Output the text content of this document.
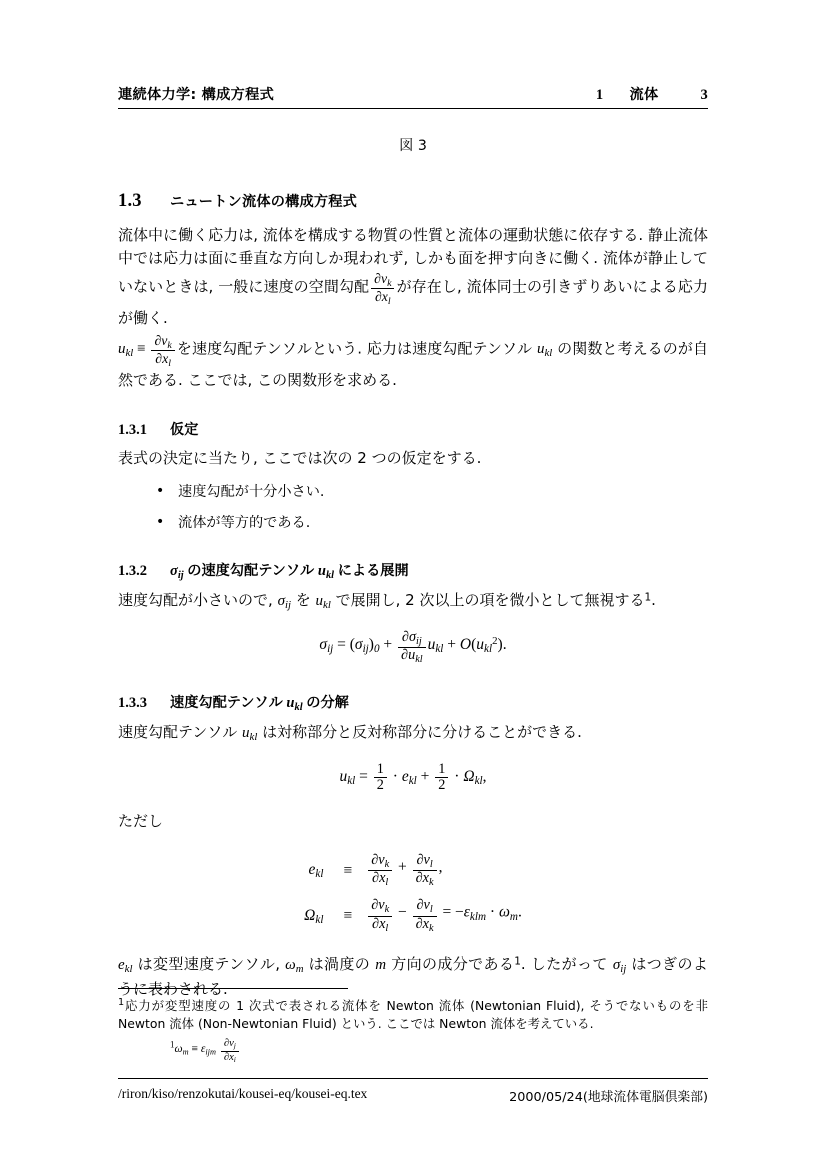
連続体力学: 構成方程式	1 流体	3
図 3
1.3 ニュートン流体の構成方程式

流体中に働く応力は, 流体を構成する物質の性質と流体の運動状態に依存する. 静止流体中では応力は面に垂直な方向しか現われず, しかも面を押す向きに働く. 流体が静止していないときは, 一般に速度の空間勾配 $\frac{\partial v_k}{\partial x_l}$ が存在し, 流体同士の引きずりあいによる応力が働く.

$u_{kl} \equiv \frac{\partial v_k}{\partial x_l}$ を速度勾配テンソルという. 応力は速度勾配テンソル $u_{kl}$ の関数と考えるのが自然である. ここでは, この関数形を求める.

1.3.1 仮定

表式の決定に当たり, ここでは次の 2 つの仮定をする.

• 速度勾配が十分小さい.
• 流体が等方的である.
1.3.2 $\sigma_{ij}$ の速度勾配テンソル $u_{kl}$ による展開

速度勾配が小さいので, $\sigma_{ij}$ を $u_{kl}$ で展開し, 2 次以上の項を微小として無視する$^1$.

$\sigma_{ij} = (\sigma_{ij})_0 + \frac{\partial\sigma_{ij}}{\partial u_{kl}} u_{kl} + O(u_{kl}^2)$.
1.3.3 速度勾配テンソル $u_{kl}$ の分解

速度勾配テンソル $u_{kl}$ は対称部分と反対称部分に分けることができる.

$u_{kl} = \frac{1}{2} \cdot e_{kl} + \frac{1}{2} \cdot \Omega_{kl}$,

ただし

$e_{kl}$	≡	$\frac{\partial v_k}{\partial x_l} + \frac{\partial v_l}{\partial x_k}$ ,
$\Omega_{kl}$	≡	$\frac{\partial v_k}{\partial x_l} - \frac{\partial v_l}{\partial x_k} = -\varepsilon_{klm} \cdot \omega_m$.

$e_{kl}$ は変型速度テンソル, $\omega_m$ は渦度の m 方向の成分である$^1$. したがって $\sigma_{ij}$ はつぎのように表わされる.

$^1$応力が変型速度の 1 次式で表される流体を Newton 流体 (Newtonian Fluid), そうでないものを非 Newton 流体 (Non-Newtonian Fluid) という. ここでは Newton 流体を考えている.

$^1\omega_m \equiv \varepsilon_{ijm} \frac{\partial v_j}{\partial x_i}$

/riron/kiso/renzokutai/kousei-eq/kousei-eq.tex	2000/05/24(地球流体電脳倶楽部)
